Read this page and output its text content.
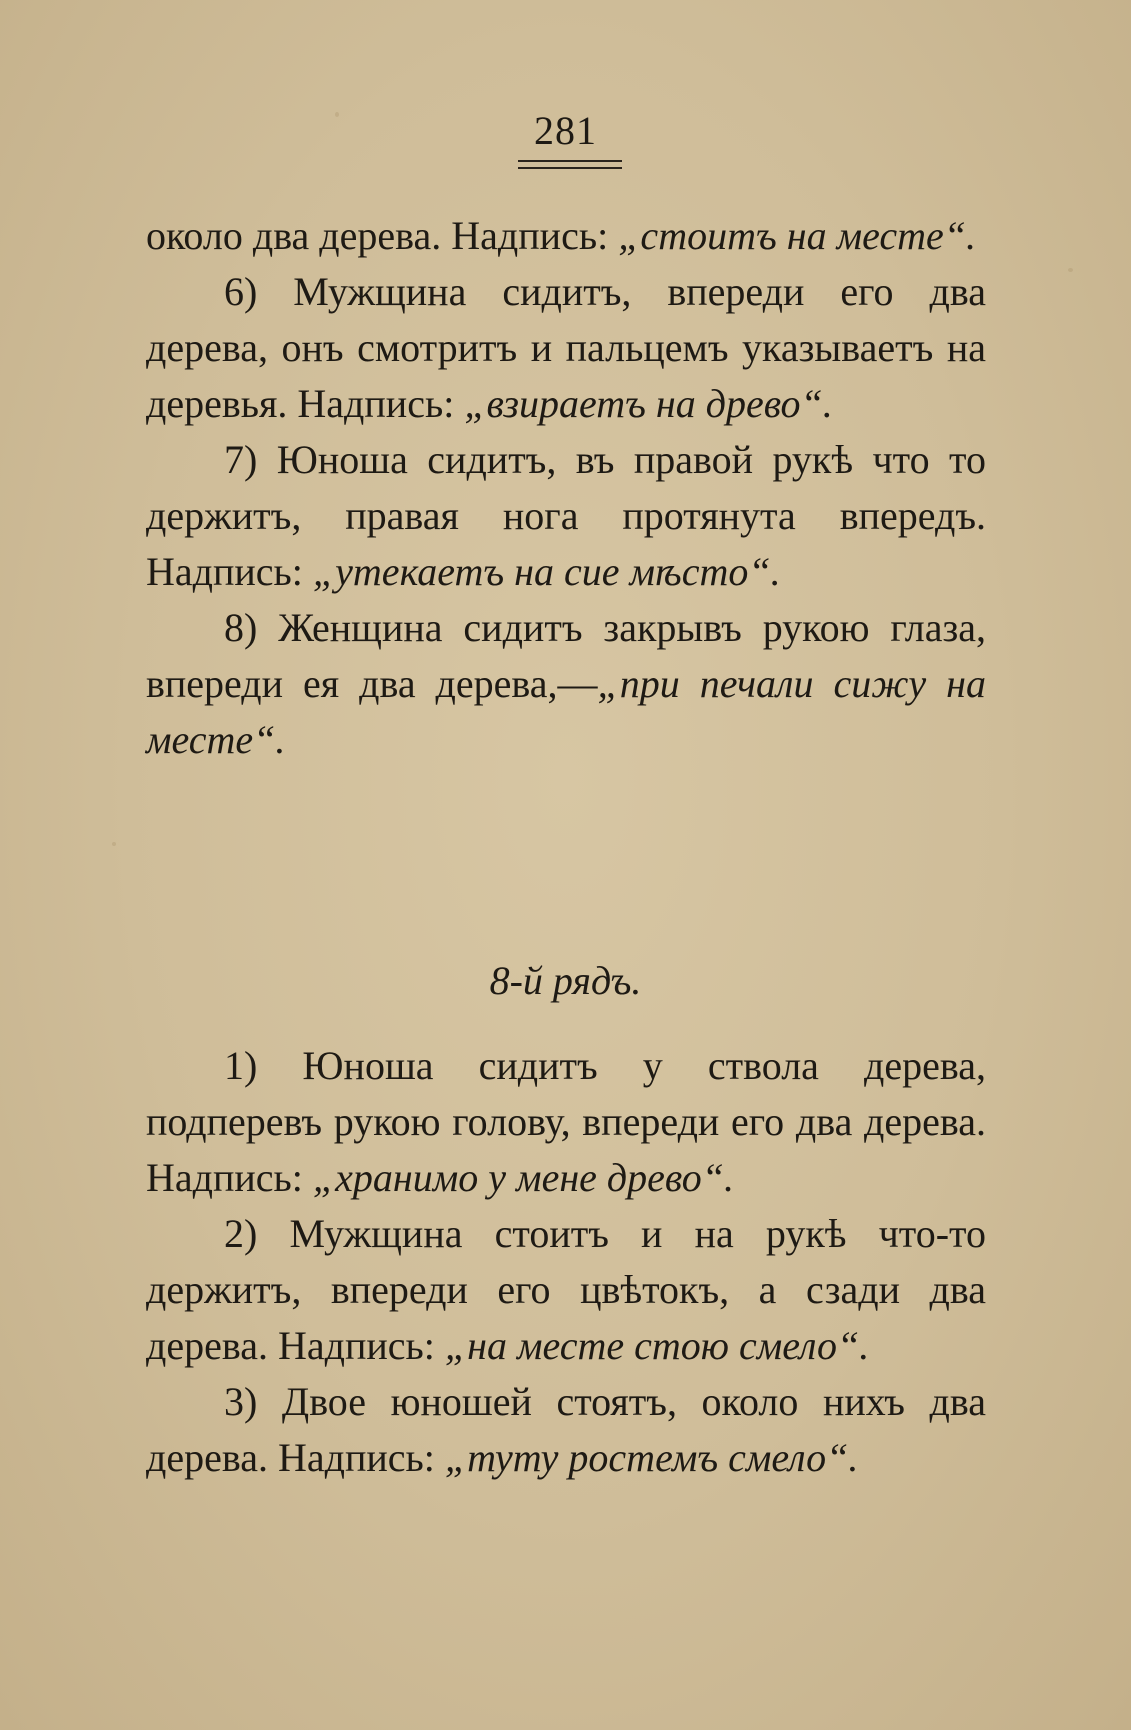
281

около два дерева. Надпись: „стоитъ на месте“.

6) Мужщина сидитъ, впереди его два дерева, онъ смотритъ и пальцемъ указываетъ на деревья. Надпись: „взираетъ на древо“.

7) Юноша сидитъ, въ правой рукѣ что то держитъ, правая нога протянута впередъ. Надпись: „утекаетъ на сие мѣсто“.

8) Женщина сидитъ закрывъ рукою глаза, впереди ея два дерева,—„при печали сижу на месте“.

8-й рядъ.

1) Юноша сидитъ у ствола дерева, подперевъ рукою голову, впереди его два дерева. Надпись: „хранимо у мене древо“.

2) Мужщина стоитъ и на рукѣ что-то держитъ, впереди его цвѣтокъ, а сзади два дерева. Надпись: „на месте стою смело“.

3) Двое юношей стоятъ, около нихъ два дерева. Надпись: „туту ростемъ смело“.
